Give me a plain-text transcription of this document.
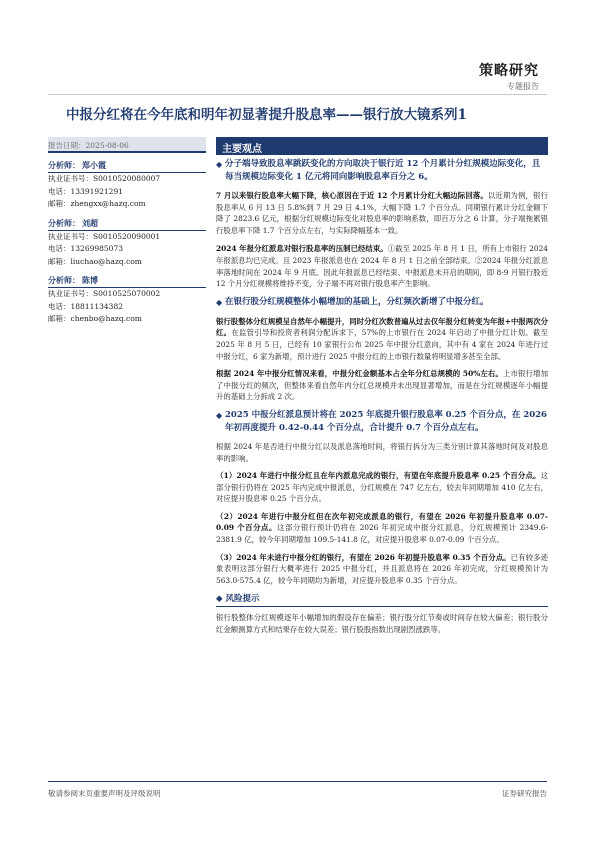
策略研究
专题报告
中报分红将在今年底和明年初显著提升股息率——银行放大镜系列1
报告日期：2025-08-06
分析师： 郑小霞
执业证书号：S0010520080007
电话：13391921291
邮箱：zhengxx@hazq.com
分析师： 刘超
执业证书号：S0010520090001
电话：13269985073
邮箱：liuchao@hazq.com
分析师： 陈博
执业证书号：S0010525070002
电话：18811134382
邮箱：chenbo@hazq.com
主要观点
◆ 分子端导致股息率跳跃变化的方向取决于银行近 12 个月累计分红规模边际变化，且每当规模边际变化 1 亿元将同向影响股息率百分之 6。
7 月以来银行股息率大幅下降，核心原因在于近 12 个月累计分红大幅边际回落。以近期为例，银行股息率从 6 月 13 日 5.8%到 7 月 29 日 4.1%，大幅下降 1.7 个百分点。同期银行累计分红金额下降了 2823.6 亿元，根据分红规模边际变化对股息率的影响系数，即百万分之 6 计算，分子端拖累银行股息率下降 1.7 个百分点左右，与实际降幅基本一致。
2024 年报分红派息对银行股息率的压制已经结束。①截至 2025 年 8 月 1 日，所有上市银行 2024 年报派息均已完成。且 2023 年报派息也在 2024 年 8 月 1 日之前全部结束。②2024 年报分红派息率落地时间在 2024 年 9 月底。因此年报派息已经结束、中报派息未开启的期间，即 8-9 月银行股近 12 个月分红规模将维持不变，分子端不再对银行股息率产生影响。
◆ 在银行股分红规模整体小幅增加的基础上，分红频次新增了中报分红。
银行股整体分红规模呈自然年小幅提升，同时分红次数普遍从过去仅年报分红转变为年报+中报两次分红。在监管引导和投资者利润分配诉求下，57%的上市银行在 2024 年启动了中报分红计划。截至 2025 年 8 月 5 日，已经有 10 家银行公布 2025 年中报分红意向，其中有 4 家在 2024 年进行过中报分红，6 家为新增，预计进行 2025 中报分红的上市银行数量将明显增多甚至全部。
根据 2024 年中报分红情况来看，中报分红金额基本占全年分红总规模的 50%左右。上市银行增加了中报分红的频次，但整体来看自然年内分红总规模并未出现显著增加，而是在分红规模逐年小幅提升的基础上分拆成 2 次。
◆ 2025 中报分红派息预计将在 2025 年底提升银行股息率 0.25 个百分点，在 2026 年初再度提升 0.42-0.44 个百分点，合计提升 0.7 个百分点左右。
根据 2024 年是否进行中报分红以及派息落地时间，将银行拆分为三类分别计算其落地时间及对股息率的影响。
（1）2024 年进行中报分红且在年内派息完成的银行，有望在年底提升股息率 0.25 个百分点。这部分银行仍将在 2025 年内完成中报派息，分红规模在 747 亿左右，较去年同期增加 410 亿左右，对应提升股息率 0.25 个百分点。
（2）2024 年进行中报分红但在次年初完成派息的银行，有望在 2026 年初提升股息率 0.07-0.09 个百分点。这部分银行预计仍将在 2026 年初完成中报分红派息，分红规模预计 2349.6-2381.9 亿，较今年同期增加 109.5-141.8 亿，对应提升股息率 0.07-0.09 个百分点。
（3）2024 年未进行中报分红的银行，有望在 2026 年初提升股息率 0.35 个百分点。已有较多迹象表明这部分银行大概率进行 2025 中报分红，并且派息将在 2026 年初完成，分红规模预计为 563.0-575.4 亿，较今年同期均为新增，对应提升股息率 0.35 个百分点。
◆ 风险提示
银行股整体分红规模逐年小幅增加的假设存在偏差；银行股分红节奏或时间存在较大偏差；银行股分红金额测算方式和结果存在较大误差；银行股股指数出现剧烈涨跌等。
敬请参阅末页重要声明及评级说明	证券研究报告
